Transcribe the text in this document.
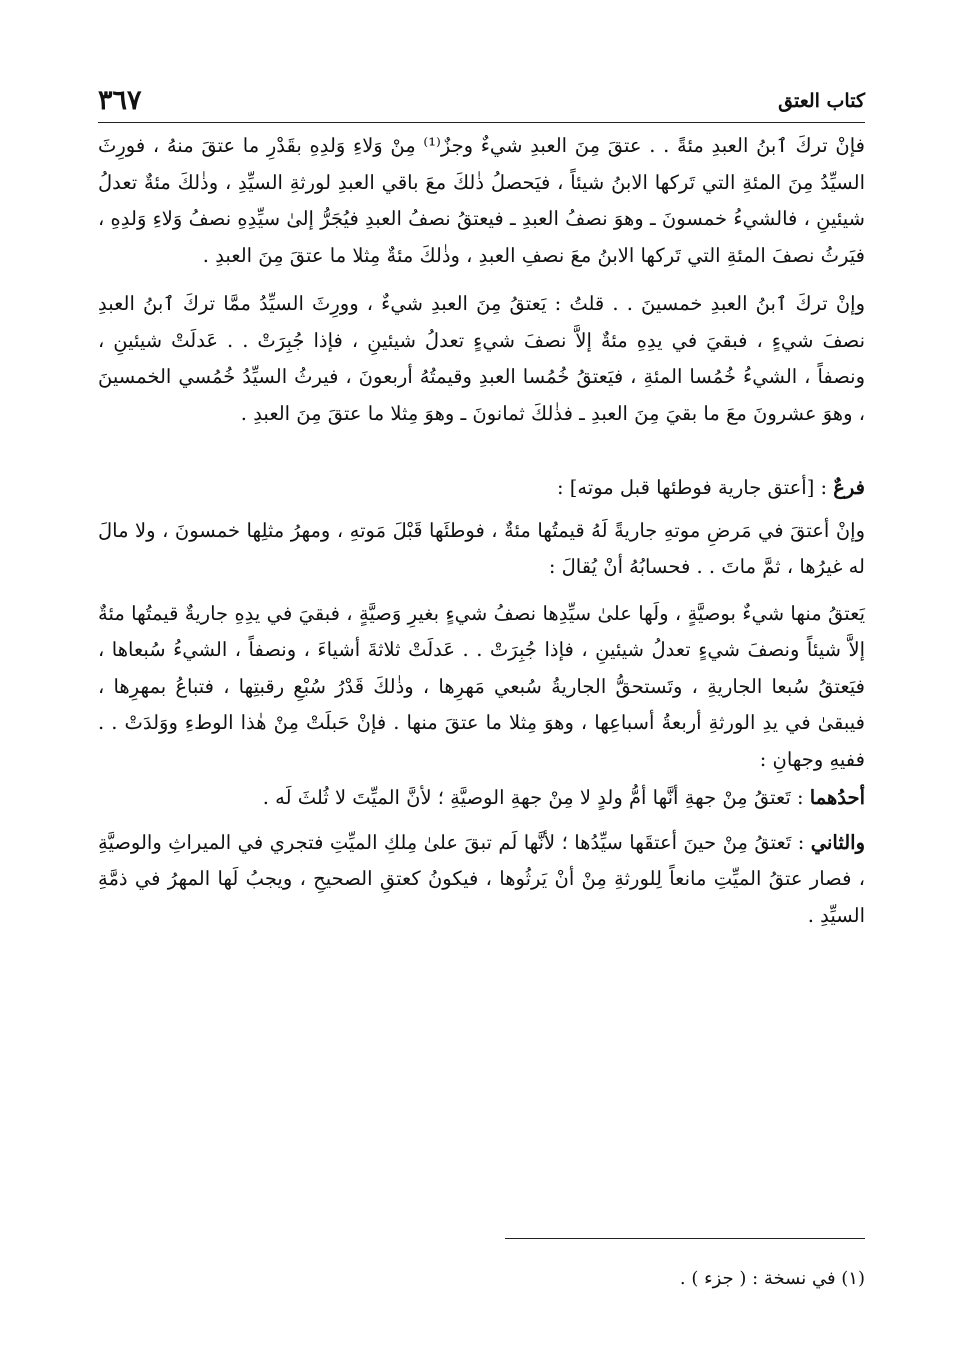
كتاب العتق
٣٦٧

فإنْ تركَ ٱبنُ العبدِ مئةً . . عتقَ مِنَ العبدِ شيءٌ وجزٌ⁽¹⁾ مِنْ وَلاءِ وَلدِهِ بقَدْرِ ما عتقَ منهُ ، فورِثَ السيِّدُ مِنَ المئةِ التي تَركها الابنُ شيئاً ، فيَحصلُ ذٰلكَ معَ باقي العبدِ لورثةِ السيِّدِ ، وذٰلكَ مئةٌ تعدلُ شيئينِ ، فالشيءُ خمسونَ ـ وهوَ نصفُ العبدِ ـ فيعتقُ نصفُ العبدِ فيُجَرُّ إلىٰ سيِّدِهِ نصفُ وَلاءِ وَلدِهِ ، فيَرثُ نصفَ المئةِ التي تَركها الابنُ معَ نصفِ العبدِ ، وذٰلكَ مئةٌ مِثلا ما عتقَ مِنَ العبدِ .

وإنْ تركَ ٱبنُ العبدِ خمسينَ . . قلتُ : يَعتقُ مِنَ العبدِ شيءٌ ، وورِثَ السيِّدُ ممَّا تركَ ٱبنُ العبدِ نصفَ شيءٍ ، فبقيَ في يدِهِ مئةٌ إلاَّ نصفَ شيءٍ تعدلُ شيئينِ ، فإذا جُبِرَتْ . . عَدلَتْ شيئينِ ، ونصفاً ، الشيءُ خُمُسا المئةِ ، فيَعتقُ خُمُسا العبدِ وقيمتُهُ أربعونَ ، فيرثُ السيِّدُ خُمُسي الخمسينَ ، وهوَ عشرونَ معَ ما بقيَ مِنَ العبدِ ـ فذٰلكَ ثمانونَ ـ وهوَ مِثلا ما عتقَ مِنَ العبدِ .

فرعٌ : [أعتق جارية فوطئها قبل موته] :

وإنْ أعتقَ في مَرضِ موتهِ جاريةً لَهُ قيمتُها مئةٌ ، فوطئَها قَبْلَ مَوتهِ ، ومهرُ مثلِها خمسونَ ، ولا مالَ له غيرُها ، ثمَّ ماتَ . . فحسابُهُ أنْ يُقالَ :

يَعتقُ منها شيءٌ بوصيَّةٍ ، ولَها علىٰ سيِّدِها نصفُ شيءٍ بغيرِ وَصيَّةٍ ، فبقيَ في يدِهِ جاريةٌ قيمتُها مئةٌ إلاَّ شيئاً ونصفَ شيءٍ تعدلُ شيئينِ ، فإذا جُبِرَتْ . . عَدلَتْ ثلاثةَ أشياءَ ، ونصفاً ، الشيءُ سُبعاها ، فيَعتقُ سُبعا الجاريةِ ، وتَستحقُّ الجاريةُ سُبعي مَهرِها ، وذٰلكَ قَدْرُ سُبْعِ رقبتِها ، فتباعُ بمهرِها ، فيبقىٰ في يدِ الورثةِ أربعةُ أسباعِها ، وهوَ مِثلا ما عتقَ منها . فإنْ حَبلَتْ مِنْ هٰذا الوطءِ ووَلدَتْ . . ففيهِ وجهانِ :

أحدُهما : تَعتقُ مِنْ جهةِ أنَّها أمُّ ولدٍ لا مِنْ جهةِ الوصيَّةِ ؛ لأنَّ الميِّتَ لا ثُلثَ لَه .

والثاني : تَعتقُ مِنْ حينَ أعتقَها سيِّدُها ؛ لأنَّها لَم تبقَ علىٰ مِلكِ الميِّتِ فتجري في الميراثِ والوصيَّةِ ، فصار عتقُ الميِّتِ مانعاً لِلورثةِ مِنْ أنْ يَرثُوها ، فيكونُ كعتقِ الصحيحِ ، ويجبُ لَها المهرُ في ذمَّةِ السيِّدِ .

(١) في نسخة : ( جزء ) .
